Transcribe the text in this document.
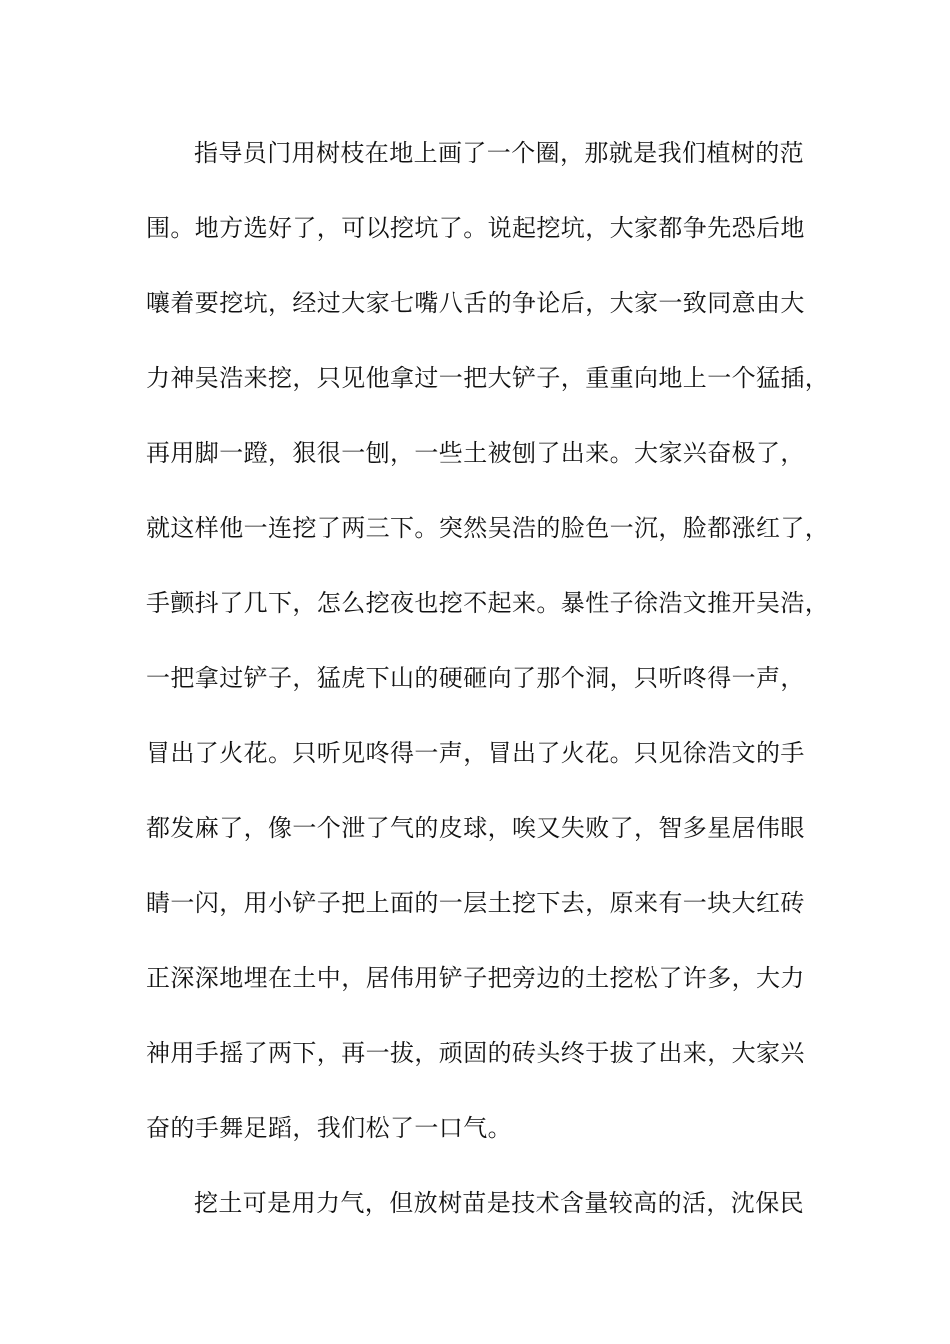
指导员门用树枝在地上画了一个圈，那就是我们植树的范
围。地方选好了，可以挖坑了。说起挖坑，大家都争先恐后地
嚷着要挖坑，经过大家七嘴八舌的争论后，大家一致同意由大
力神吴浩来挖，只见他拿过一把大铲子，重重向地上一个猛插，
再用脚一蹬，狠很一刨，一些土被刨了出来。大家兴奋极了，
就这样他一连挖了两三下。突然吴浩的脸色一沉，脸都涨红了，
手颤抖了几下，怎么挖夜也挖不起来。暴性子徐浩文推开吴浩，
一把拿过铲子，猛虎下山的硬砸向了那个洞，只听咚得一声，
冒出了火花。只听见咚得一声，冒出了火花。只见徐浩文的手
都发麻了，像一个泄了气的皮球，唉又失败了，智多星居伟眼
睛一闪，用小铲子把上面的一层土挖下去，原来有一块大红砖
正深深地埋在土中，居伟用铲子把旁边的土挖松了许多，大力
神用手摇了两下，再一拔，顽固的砖头终于拔了出来，大家兴
奋的手舞足蹈，我们松了一口气。
挖土可是用力气，但放树苗是技术含量较高的活，沈保民
